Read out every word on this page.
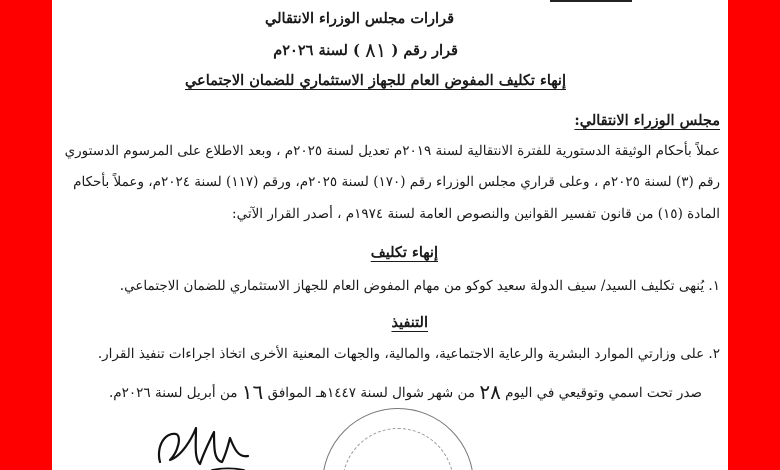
قرارات مجلس الوزراء الانتقالي
قرار رقم ( ٨١ ) لسنة ٢٠٢٦م
إنهاء تكليف المفوض العام للجهاز الاستثماري للضمان الاجتماعي
مجلس الوزراء الانتقالي:
عملاً بأحكام الوثيقة الدستورية للفترة الانتقالية لسنة ٢٠١٩م تعديل لسنة ٢٠٢٥م ، وبعد الاطلاع على المرسوم الدستوري
رقم (٣) لسنة ٢٠٢٥م ، وعلى قراري مجلس الوزراء رقم (١٧٠) لسنة ٢٠٢٥م، ورقم (١١٧) لسنة ٢٠٢٤م، وعملاً بأحكام
المادة (١٥) من قانون تفسير القوانين والنصوص العامة لسنة ١٩٧٤م ، أصدر القرار الآتي:
إنهاء تكليف
١. يُنهى تكليف السيد/ سيف الدولة سعيد كوكو من مهام المفوض العام للجهاز الاستثماري للضمان الاجتماعي.
التنفيذ
٢. على وزارتي الموارد البشرية والرعاية الاجتماعية، والمالية، والجهات المعنية الأخرى اتخاذ اجراءات تنفيذ القرار.
صدر تحت اسمي وتوقيعي في اليوم ٢٨ من شهر شوال لسنة ١٤٤٧هـ الموافق ١٦ من أبريل لسنة ٢٠٢٦م.
